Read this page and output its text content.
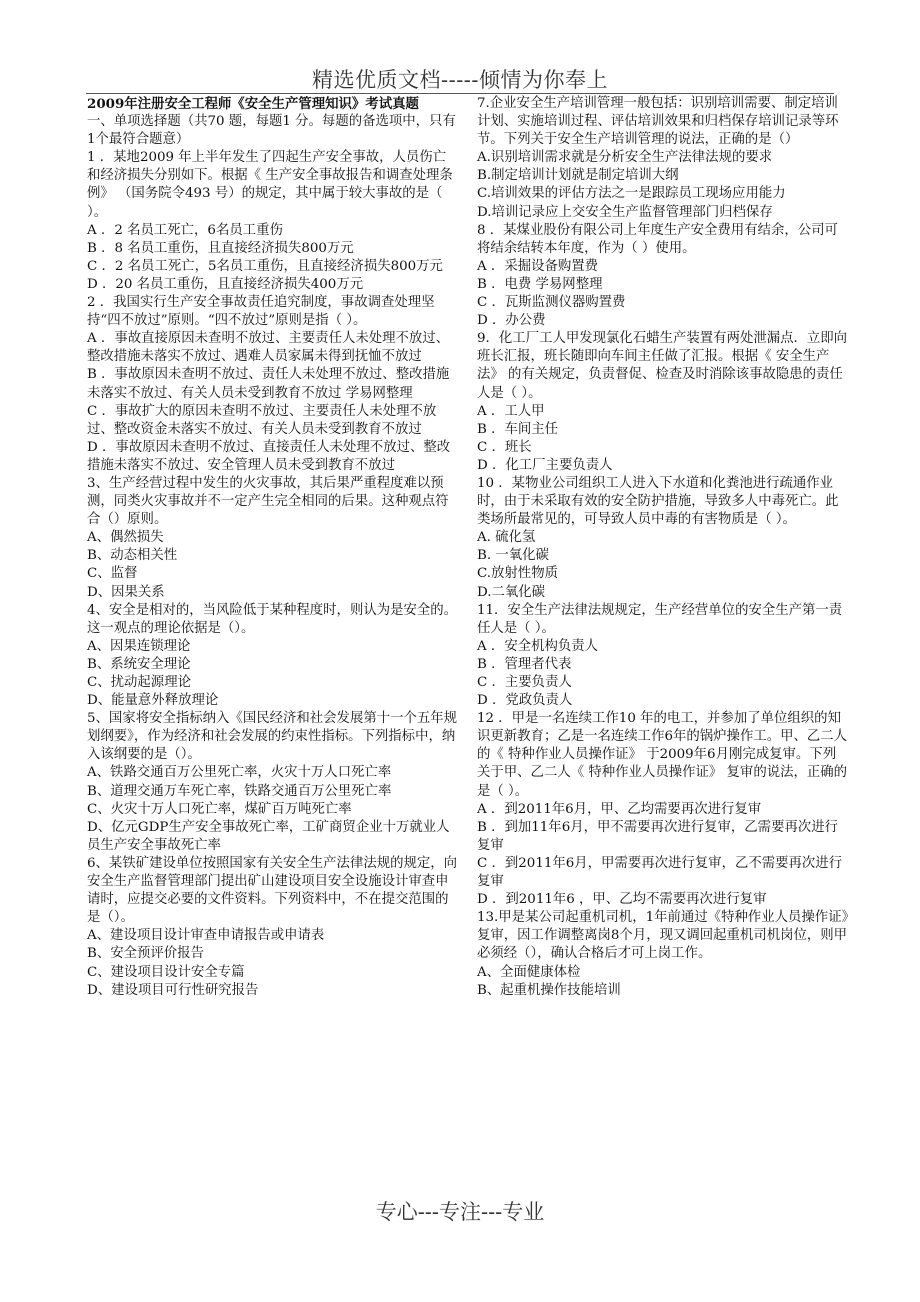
精选优质文档-----倾情为你奉上

2009年注册安全工程师《安全生产管理知识》考试真题

一、单项选择题（共70 题，每题1 分。每题的备选项中，只有1个最符合题意）

1 ．某地2009 年上半年发生了四起生产安全事故，人员伤亡和经济损失分别如下。根据《 生产安全事故报告和调查处理条例》 （国务院令493 号）的规定，其中属于较大事故的是（ ）。

A ．2 名员工死亡，6名员工重伤

B ．8 名员工重伤，且直接经济损失800万元

C ．2 名员工死亡，5名员工重伤，且直接经济损失800万元

D ．20 名员工重伤，且直接经济损失400万元

2 ．我国实行生产安全事故责任追究制度，事故调查处理坚持“四不放过”原则。“四不放过”原则是指（ ）。

A ．事故直接原因未查明不放过、主要责任人未处理不放过、整改措施未落实不放过、遇难人员家属未得到抚恤不放过

B ．事故原因未查明不放过、责任人未处理不放过、整改措施未落实不放过、有关人员未受到教育不放过 学易网整理

C ．事故扩大的原因未查明不放过、主要责任人未处理不放过、整改资金未落实不放过、有关人员未受到教育不放过

D ．事故原因未查明不放过、直接责任人未处理不放过、整改措施未落实不放过、安全管理人员未受到教育不放过

3、生产经营过程中发生的火灾事故，其后果严重程度难以预测，同类火灾事故并不一定产生完全相同的后果。这种观点符合（）原则。

A、偶然损失

B、动态相关性

C、监督

D、因果关系

4、安全是相对的，当风险低于某种程度时，则认为是安全的。这一观点的理论依据是（）。

A、因果连锁理论

B、系统安全理论

C、扰动起源理论

D、能量意外释放理论

5、国家将安全指标纳入《国民经济和社会发展第十一个五年规划纲要》，作为经济和社会发展的约束性指标。下列指标中，纳入该纲要的是（）。

A、铁路交通百万公里死亡率，火灾十万人口死亡率

B、道理交通万车死亡率，铁路交通百万公里死亡率

C、火灾十万人口死亡率，煤矿百万吨死亡率

D、亿元GDP生产安全事故死亡率，工矿商贸企业十万就业人员生产安全事故死亡率

6、某铁矿建设单位按照国家有关安全生产法律法规的规定，向安全生产监督管理部门提出矿山建设项目安全设施设计审查申请时，应提交必要的文件资料。下列资料中，不在提交范围的是（）。

A、建设项目设计审查申请报告或申请表

B、安全预评价报告

C、建设项目设计安全专篇

D、建设项目可行性研究报告

7.企业安全生产培训管理一般包括：识别培训需要、制定培训计划、实施培训过程、评估培训效果和归档保存培训记录等环节。下列关于安全生产培训管理的说法，正确的是（）

A.识别培训需求就是分析安全生产法律法规的要求

B.制定培训计划就是制定培训大纲

C.培训效果的评估方法之一是跟踪员工现场应用能力

D.培训记录应上交安全生产监督管理部门归档保存

8 ．某煤业股份有限公司上年度生产安全费用有结余，公司可将结余结转本年度，作为（ ）使用。

A ．采掘设备购置费

B ．电费 学易网整理

C ．瓦斯监测仪器购置费

D ．办公费

9．化工厂工人甲发现氯化石蜡生产装置有两处泄漏点．立即向班长汇报，班长随即向车间主任做了汇报。根据《 安全生产法》 的有关规定，负责督促、检查及时消除该事故隐患的责任人是（ ）。

A ．工人甲

B ．车间主任

C ．班长

D ．化工厂主要负责人

10 ．某物业公司组织工人进入下水道和化粪池进行疏通作业时，由于未采取有效的安全防护措施，导致多人中毒死亡。此类场所最常见的，可导致人员中毒的有害物质是（ ）。

A. 硫化氢

B. 一氧化碳

C.放射性物质

D.二氧化碳

11．安全生产法律法规规定，生产经营单位的安全生产第一责任人是（ ）。

A ．安全机构负责人

B ．管理者代表

C ．主要负责人

D ．党政负责人

12 ．甲是一名连续工作10 年的电工，并参加了单位组织的知识更新教育；乙是一名连续工作6年的锅炉操作工。甲、乙二人的《 特种作业人员操作证》 于2009年6月刚完成复审。下列关于甲、乙二人《 特种作业人员操作证》 复审的说法，正确的是（ ）。

A ．到2011年6月，甲、乙均需要再次进行复审

B ．到加11年6月，甲不需要再次进行复审，乙需要再次进行复审

C ．到2011年6月，甲需要再次进行复审，乙不需要再次进行复审

D ．到2011年6 ，甲、乙均不需要再次进行复审

13.甲是某公司起重机司机，1年前通过《特种作业人员操作证》复审，因工作调整离岗8个月，现又调回起重机司机岗位，则甲必须经（），确认合格后才可上岗工作。

A、全面健康体检

B、起重机操作技能培训

专心---专注---专业
